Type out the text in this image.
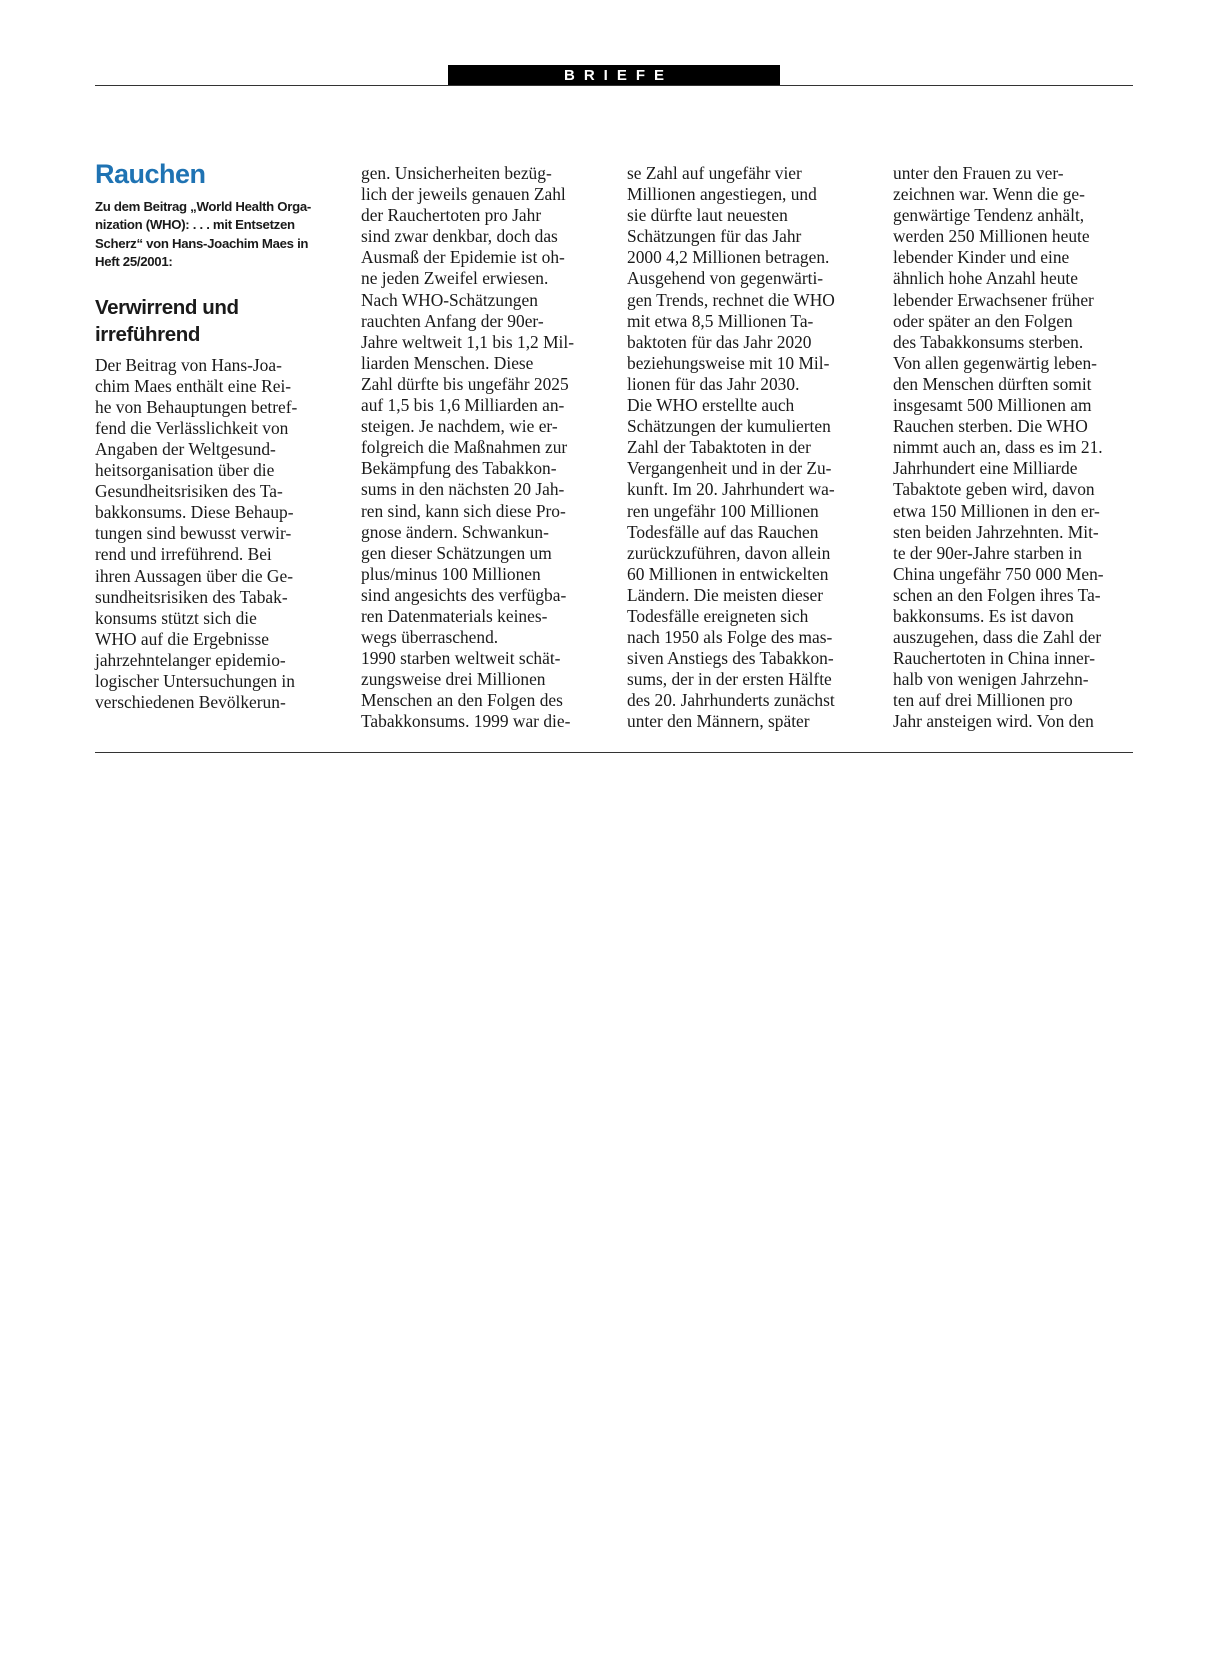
BRIEFE
Rauchen
Zu dem Beitrag „World Health Orga-
nization (WHO): . . . mit Entsetzen
Scherz“ von Hans-Joachim Maes in
Heft 25/2001:
Verwirrend und
irreführend
Der Beitrag von Hans-Joa-
chim Maes enthält eine Rei-
he von Behauptungen betref-
fend die Verlässlichkeit von
Angaben der Weltgesund-
heitsorganisation über die
Gesundheitsrisiken des Ta-
bakkonsums. Diese Behaup-
tungen sind bewusst verwir-
rend und irreführend. Bei
ihren Aussagen über die Ge-
sundheitsrisiken des Tabak-
konsums stützt sich die
WHO auf die Ergebnisse
jahrzehntelanger epidemio-
logischer Untersuchungen in
verschiedenen Bevölkerun-
gen. Unsicherheiten bezüg-
lich der jeweils genauen Zahl
der Rauchertoten pro Jahr
sind zwar denkbar, doch das
Ausmaß der Epidemie ist oh-
ne jeden Zweifel erwiesen.
Nach WHO-Schätzungen
rauchten Anfang der 90er-
Jahre weltweit 1,1 bis 1,2 Mil-
liarden Menschen. Diese
Zahl dürfte bis ungefähr 2025
auf 1,5 bis 1,6 Milliarden an-
steigen. Je nachdem, wie er-
folgreich die Maßnahmen zur
Bekämpfung des Tabakkon-
sums in den nächsten 20 Jah-
ren sind, kann sich diese Pro-
gnose ändern. Schwankun-
gen dieser Schätzungen um
plus/minus 100 Millionen
sind angesichts des verfügba-
ren Datenmaterials keines-
wegs überraschend.
1990 starben weltweit schät-
zungsweise drei Millionen
Menschen an den Folgen des
Tabakkonsums. 1999 war die-
se Zahl auf ungefähr vier
Millionen angestiegen, und
sie dürfte laut neuesten
Schätzungen für das Jahr
2000 4,2 Millionen betragen.
Ausgehend von gegenwärti-
gen Trends, rechnet die WHO
mit etwa 8,5 Millionen Ta-
baktoten für das Jahr 2020
beziehungsweise mit 10 Mil-
lionen für das Jahr 2030.
Die WHO erstellte auch
Schätzungen der kumulierten
Zahl der Tabaktoten in der
Vergangenheit und in der Zu-
kunft. Im 20. Jahrhundert wa-
ren ungefähr 100 Millionen
Todesfälle auf das Rauchen
zurückzuführen, davon allein
60 Millionen in entwickelten
Ländern. Die meisten dieser
Todesfälle ereigneten sich
nach 1950 als Folge des mas-
siven Anstiegs des Tabakkon-
sums, der in der ersten Hälfte
des 20. Jahrhunderts zunächst
unter den Männern, später
unter den Frauen zu ver-
zeichnen war. Wenn die ge-
genwärtige Tendenz anhält,
werden 250 Millionen heute
lebender Kinder und eine
ähnlich hohe Anzahl heute
lebender Erwachsener früher
oder später an den Folgen
des Tabakkonsums sterben.
Von allen gegenwärtig leben-
den Menschen dürften somit
insgesamt 500 Millionen am
Rauchen sterben. Die WHO
nimmt auch an, dass es im 21.
Jahrhundert eine Milliarde
Tabaktote geben wird, davon
etwa 150 Millionen in den er-
sten beiden Jahrzehnten. Mit-
te der 90er-Jahre starben in
China ungefähr 750 000 Men-
schen an den Folgen ihres Ta-
bakkonsums. Es ist davon
auszugehen, dass die Zahl der
Rauchertoten in China inner-
halb von wenigen Jahrzehn-
ten auf drei Millionen pro
Jahr ansteigen wird. Von den
